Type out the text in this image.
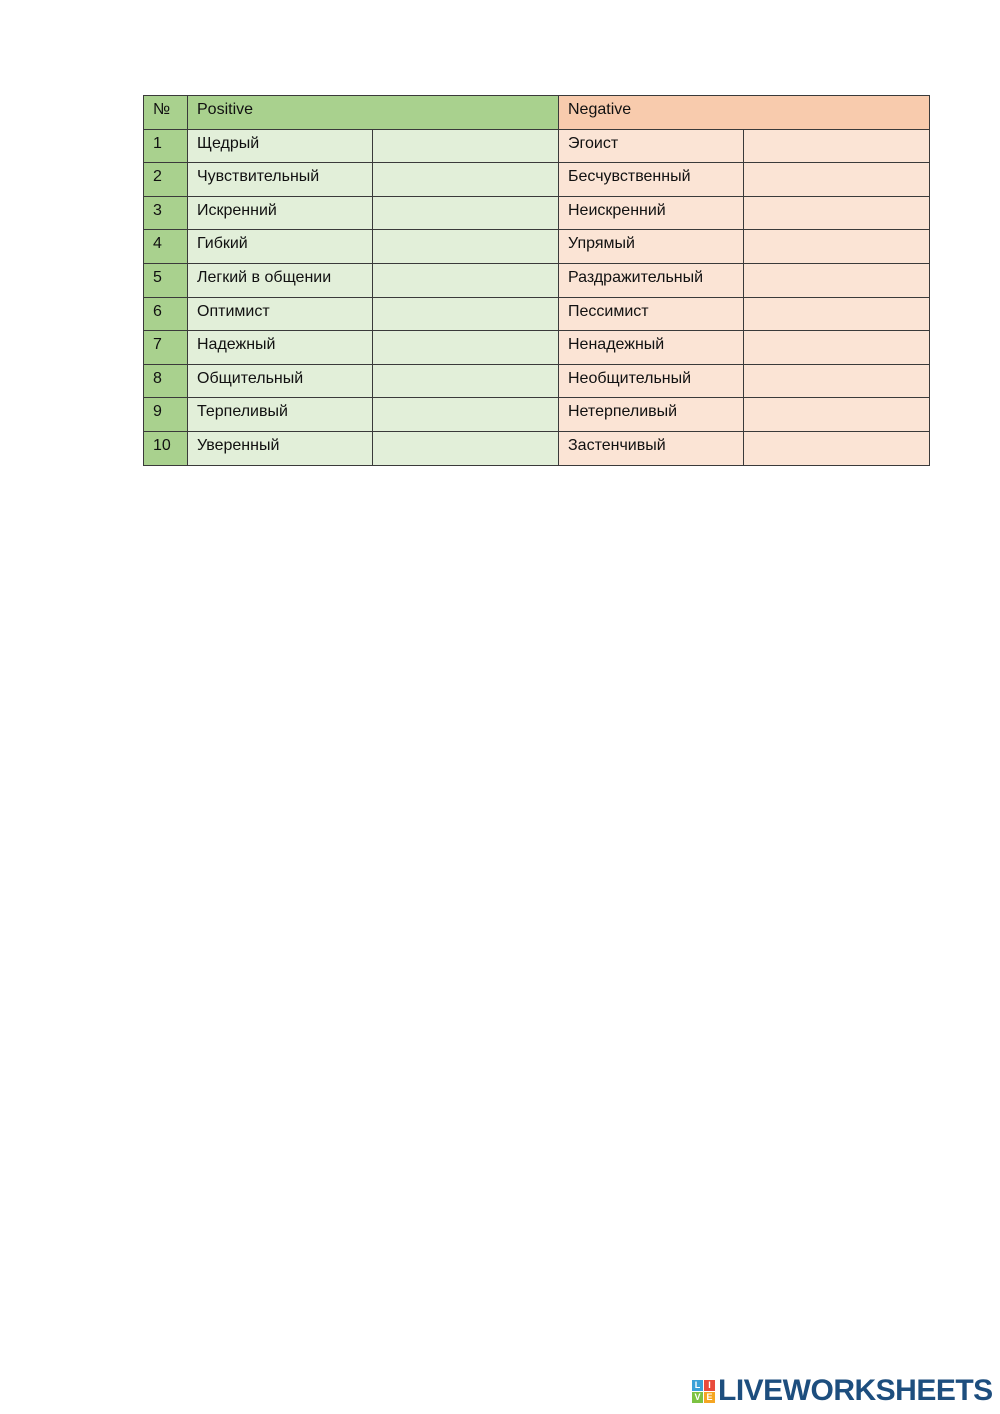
№	Positive		Negative	
1	Щедрый		Эгоист	
2	Чувствительный		Бесчувственный	
3	Искренний		Неискренний	
4	Гибкий		Упрямый	
5	Легкий в общении		Раздражительный	
6	Оптимист		Пессимист	
7	Надежный		Ненадежный	
8	Общительный		Необщительный	
9	Терпеливый		Нетерпеливый	
10	Уверенный		Застенчивый	
L I
V E LIVEWORKSHEETS
